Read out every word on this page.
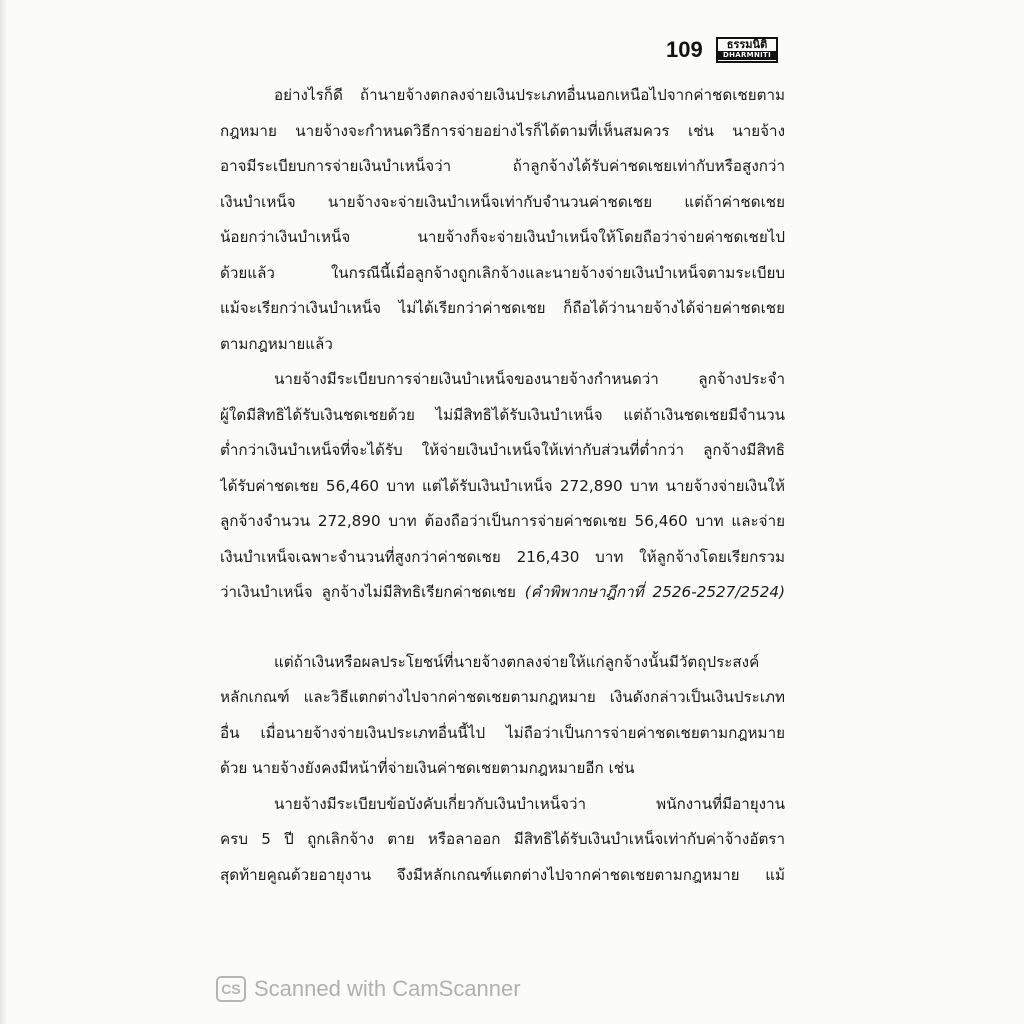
109	ธรรมนิติ
DHARMNITI
อย่างไรก็ดี ถ้านายจ้างตกลงจ่ายเงินประเภทอื่นนอกเหนือไปจากค่าชดเชยตาม
กฎหมาย นายจ้างจะกำหนดวิธีการจ่ายอย่างไรก็ได้ตามที่เห็นสมควร เช่น นายจ้าง
อาจมีระเบียบการจ่ายเงินบำเหน็จว่า ถ้าลูกจ้างได้รับค่าชดเชยเท่ากับหรือสูงกว่า
เงินบำเหน็จ นายจ้างจะจ่ายเงินบำเหน็จเท่ากับจำนวนค่าชดเชย แต่ถ้าค่าชดเชย
น้อยกว่าเงินบำเหน็จ นายจ้างก็จะจ่ายเงินบำเหน็จให้โดยถือว่าจ่ายค่าชดเชยไป
ด้วยแล้ว ในกรณีนี้เมื่อลูกจ้างถูกเลิกจ้างและนายจ้างจ่ายเงินบำเหน็จตามระเบียบ
แม้จะเรียกว่าเงินบำเหน็จ ไม่ได้เรียกว่าค่าชดเชย ก็ถือได้ว่านายจ้างได้จ่ายค่าชดเชย
ตามกฎหมายแล้ว
นายจ้างมีระเบียบการจ่ายเงินบำเหน็จของนายจ้างกำหนดว่า ลูกจ้างประจำ
ผู้ใดมีสิทธิได้รับเงินชดเชยด้วย ไม่มีสิทธิได้รับเงินบำเหน็จ แต่ถ้าเงินชดเชยมีจำนวน
ต่ำกว่าเงินบำเหน็จที่จะได้รับ ให้จ่ายเงินบำเหน็จให้เท่ากับส่วนที่ต่ำกว่า ลูกจ้างมีสิทธิ
ได้รับค่าชดเชย 56,460 บาท แต่ได้รับเงินบำเหน็จ 272,890 บาท นายจ้างจ่ายเงินให้
ลูกจ้างจำนวน 272,890 บาท ต้องถือว่าเป็นการจ่ายค่าชดเชย 56,460 บาท และจ่าย
เงินบำเหน็จเฉพาะจำนวนที่สูงกว่าค่าชดเชย 216,430 บาท ให้ลูกจ้างโดยเรียกรวม
ว่าเงินบำเหน็จ ลูกจ้างไม่มีสิทธิเรียกค่าชดเชย (คำพิพากษาฎีกาที่ 2526-2527/2524)
แต่ถ้าเงินหรือผลประโยชน์ที่นายจ้างตกลงจ่ายให้แก่ลูกจ้างนั้นมีวัตถุประสงค์
หลักเกณฑ์ และวิธีแตกต่างไปจากค่าชดเชยตามกฎหมาย เงินดังกล่าวเป็นเงินประเภท
อื่น เมื่อนายจ้างจ่ายเงินประเภทอื่นนี้ไป ไม่ถือว่าเป็นการจ่ายค่าชดเชยตามกฎหมาย
ด้วย นายจ้างยังคงมีหน้าที่จ่ายเงินค่าชดเชยตามกฎหมายอีก เช่น
นายจ้างมีระเบียบข้อบังคับเกี่ยวกับเงินบำเหน็จว่า พนักงานที่มีอายุงาน
ครบ 5 ปี ถูกเลิกจ้าง ตาย หรือลาออก มีสิทธิได้รับเงินบำเหน็จเท่ากับค่าจ้างอัตรา
สุดท้ายคูณด้วยอายุงาน จึงมีหลักเกณฑ์แตกต่างไปจากค่าชดเชยตามกฎหมาย แม้
CS Scanned with CamScanner
